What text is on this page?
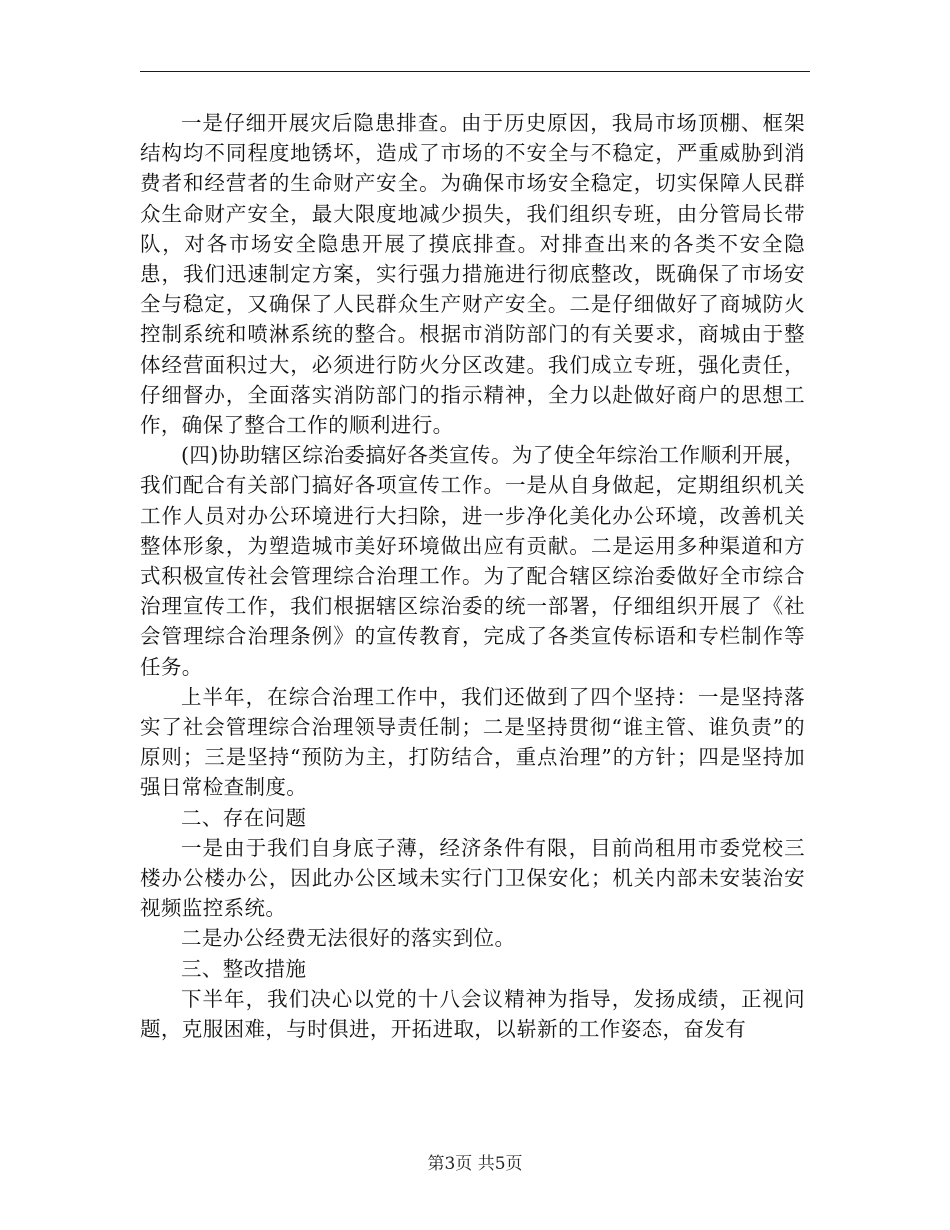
一是仔细开展灾后隐患排查。由于历史原因，我局市场顶棚、框架结构均不同程度地锈坏，造成了市场的不安全与不稳定，严重威胁到消费者和经营者的生命财产安全。为确保市场安全稳定，切实保障人民群众生命财产安全，最大限度地减少损失，我们组织专班，由分管局长带队，对各市场安全隐患开展了摸底排查。对排查出来的各类不安全隐患，我们迅速制定方案，实行强力措施进行彻底整改，既确保了市场安全与稳定，又确保了人民群众生产财产安全。二是仔细做好了商城防火控制系统和喷淋系统的整合。根据市消防部门的有关要求，商城由于整体经营面积过大，必须进行防火分区改建。我们成立专班，强化责任，仔细督办，全面落实消防部门的指示精神，全力以赴做好商户的思想工作，确保了整合工作的顺利进行。

(四)协助辖区综治委搞好各类宣传。为了使全年综治工作顺利开展，我们配合有关部门搞好各项宣传工作。一是从自身做起，定期组织机关工作人员对办公环境进行大扫除，进一步净化美化办公环境，改善机关整体形象，为塑造城市美好环境做出应有贡献。二是运用多种渠道和方式积极宣传社会管理综合治理工作。为了配合辖区综治委做好全市综合治理宣传工作，我们根据辖区综治委的统一部署，仔细组织开展了《社会管理综合治理条例》的宣传教育，完成了各类宣传标语和专栏制作等任务。

上半年，在综合治理工作中，我们还做到了四个坚持：一是坚持落实了社会管理综合治理领导责任制；二是坚持贯彻“谁主管、谁负责”的原则；三是坚持“预防为主，打防结合，重点治理”的方针；四是坚持加强日常检查制度。

二、存在问题

一是由于我们自身底子薄，经济条件有限，目前尚租用市委党校三楼办公楼办公，因此办公区域未实行门卫保安化；机关内部未安装治安视频监控系统。

二是办公经费无法很好的落实到位。

三、整改措施

下半年，我们决心以党的十八会议精神为指导，发扬成绩，正视问题，克服困难，与时俱进，开拓进取，以崭新的工作姿态，奋发有

第3页 共5页
